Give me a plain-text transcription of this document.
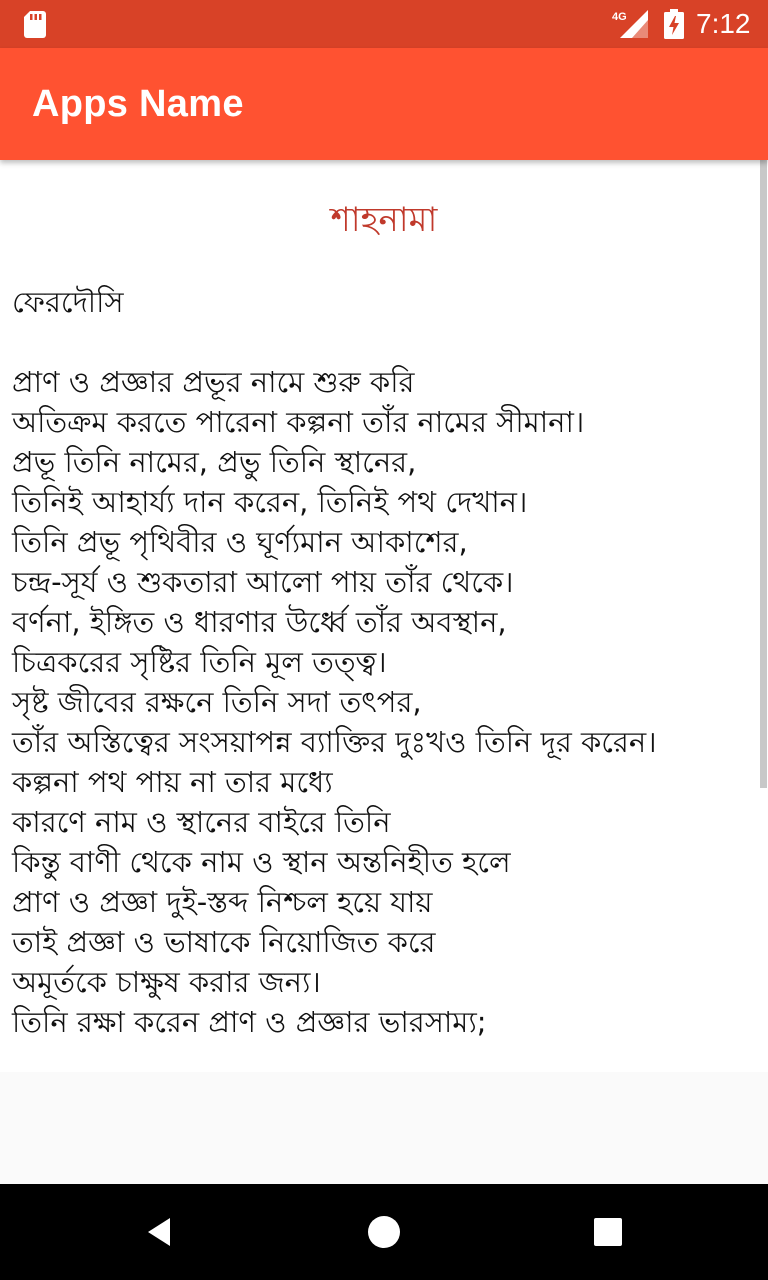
4G 7:12
Apps Name
শাহনামা
ফেরদৌসি
প্রাণ ও প্রজ্ঞার প্রভূর নামে শুরু করি
অতিক্রম করতে পারেনা কল্পনা তাঁর নামের সীমানা।
প্রভূ তিনি নামের, প্রভু তিনি স্থানের,
তিনিই আহার্য্য দান করেন, তিনিই পথ দেখান।
তিনি প্রভূ পৃথিবীর ও ঘূর্ণ্যমান আকাশের,
চন্দ্র-সূর্য ও শুকতারা আলো পায় তাঁর থেকে।
বর্ণনা, ইঙ্গিত ও ধারণার উর্ধ্বে তাঁর অবস্থান,
চিত্রকরের সৃষ্টির তিনি মূল তত্ত্ব।
সৃষ্ট জীবের রক্ষনে তিনি সদা তৎপর,
তাঁর অস্তিত্বের সংসয়াপন্ন ব্যাক্তির দুঃখও তিনি দূর করেন।
কল্পনা পথ পায় না তার মধ্যে
কারণে নাম ও স্থানের বাইরে তিনি
কিন্তু বাণী থেকে নাম ও স্থান অন্তনিহীত হলে
প্রাণ ও প্রজ্ঞা দুই-স্তব্দ নিশ্চল হয়ে যায়
তাই প্রজ্ঞা ও ভাষাকে নিয়োজিত করে
অমূর্তকে চাক্ষুষ করার জন্য।
তিনি রক্ষা করেন প্রাণ ও প্রজ্ঞার ভারসাম্য;
